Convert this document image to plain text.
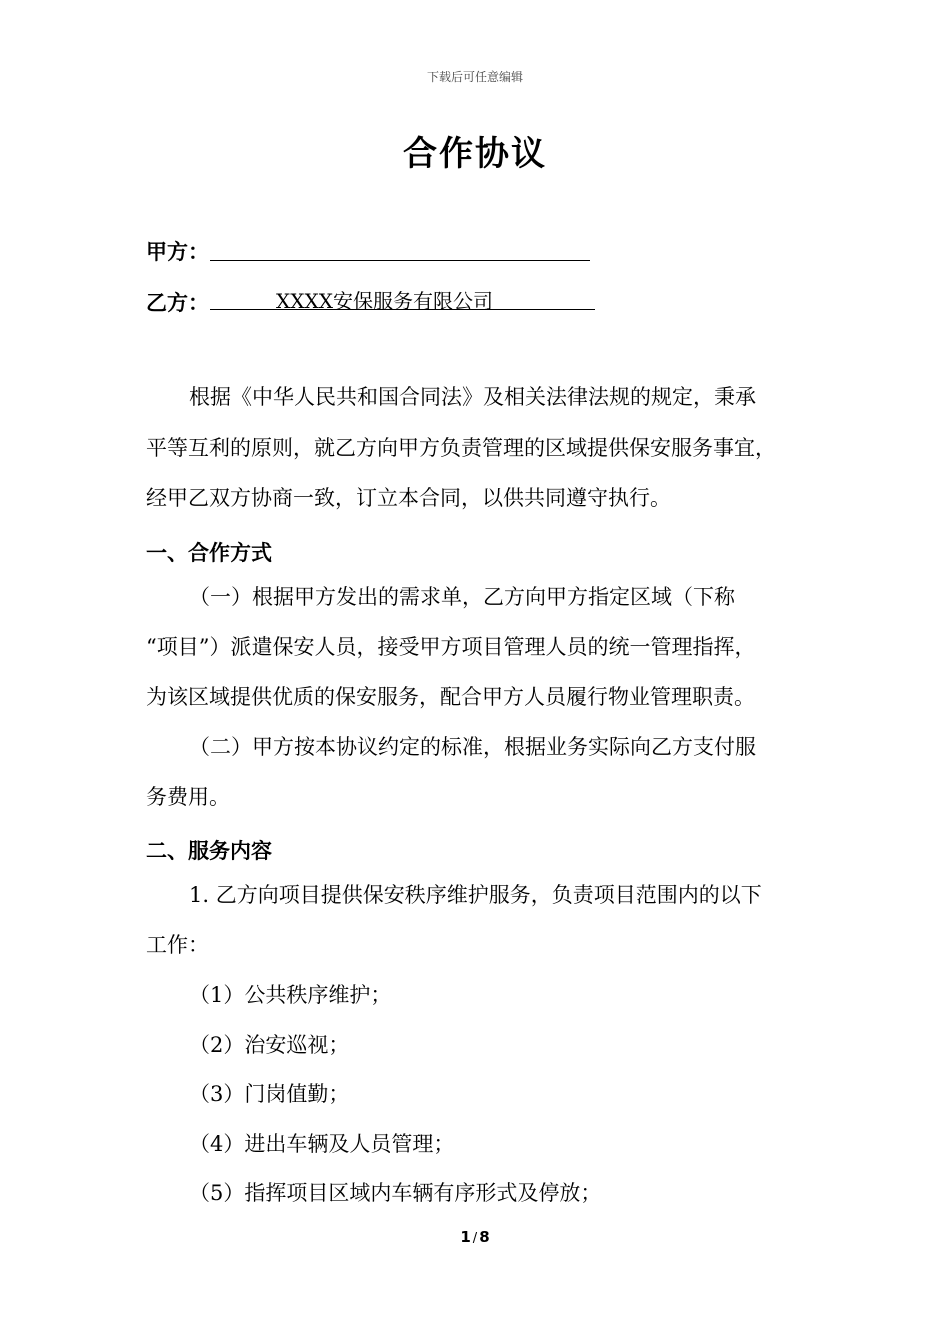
下载后可任意编辑
合作协议
甲方：
乙方：	XXXX安保服务有限公司
根据《中华人民共和国合同法》及相关法律法规的规定，秉承
平等互利的原则，就乙方向甲方负责管理的区域提供保安服务事宜，
经甲乙双方协商一致，订立本合同，以供共同遵守执行。
一、合作方式
（一）根据甲方发出的需求单，乙方向甲方指定区域（下称
“项目”）派遣保安人员，接受甲方项目管理人员的统一管理指挥，
为该区域提供优质的保安服务，配合甲方人员履行物业管理职责。
（二）甲方按本协议约定的标准，根据业务实际向乙方支付服
务费用。
二、服务内容
1. 乙方向项目提供保安秩序维护服务，负责项目范围内的以下
工作：
（1）公共秩序维护；
（2）治安巡视；
（3）门岗值勤；
（4）进出车辆及人员管理；
（5）指挥项目区域内车辆有序形式及停放；
1 / 8
